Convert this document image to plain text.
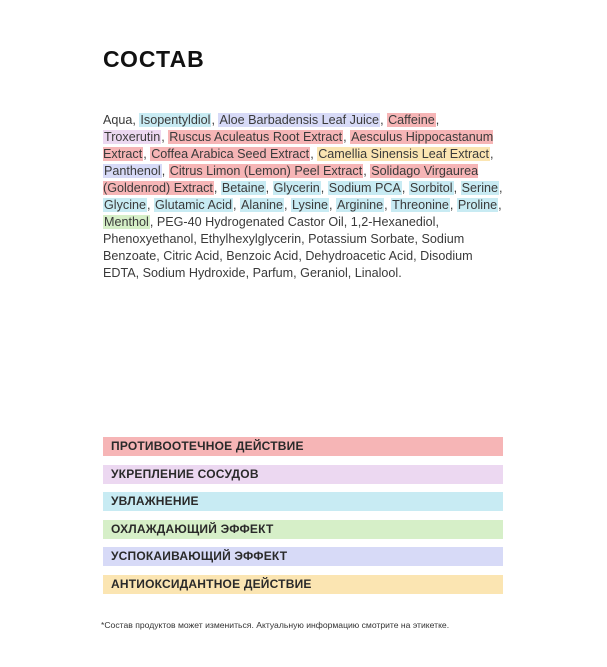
СОСТАВ
Aqua, Isopentyldiol, Aloe Barbadensis Leaf Juice, Caffeine, Troxerutin, Ruscus Aculeatus Root Extract, Aesculus Hippocastanum Extract, Coffea Arabica Seed Extract, Camellia Sinensis Leaf Extract, Panthenol, Citrus Limon (Lemon) Peel Extract, Solidago Virgaurea (Goldenrod) Extract, Betaine, Glycerin, Sodium PCA, Sorbitol, Serine, Glycine, Glutamic Acid, Alanine, Lysine, Arginine, Threonine, Proline, Menthol, PEG-40 Hydrogenated Castor Oil, 1,2-Hexanediol, Phenoxyethanol, Ethylhexylglycerin, Potassium Sorbate, Sodium Benzoate, Citric Acid, Benzoic Acid, Dehydroacetic Acid, Disodium EDTA, Sodium Hydroxide, Parfum, Geraniol, Linalool.
ПРОТИВООТЕЧНОЕ ДЕЙСТВИЕ
УКРЕПЛЕНИЕ СОСУДОВ
УВЛАЖНЕНИЕ
ОХЛАЖДАЮЩИЙ ЭФФЕКТ
УСПОКАИВАЮЩИЙ ЭФФЕКТ
АНТИОКСИДАНТНОЕ ДЕЙСТВИЕ
*Состав продуктов может измениться. Актуальную информацию смотрите на этикетке.
